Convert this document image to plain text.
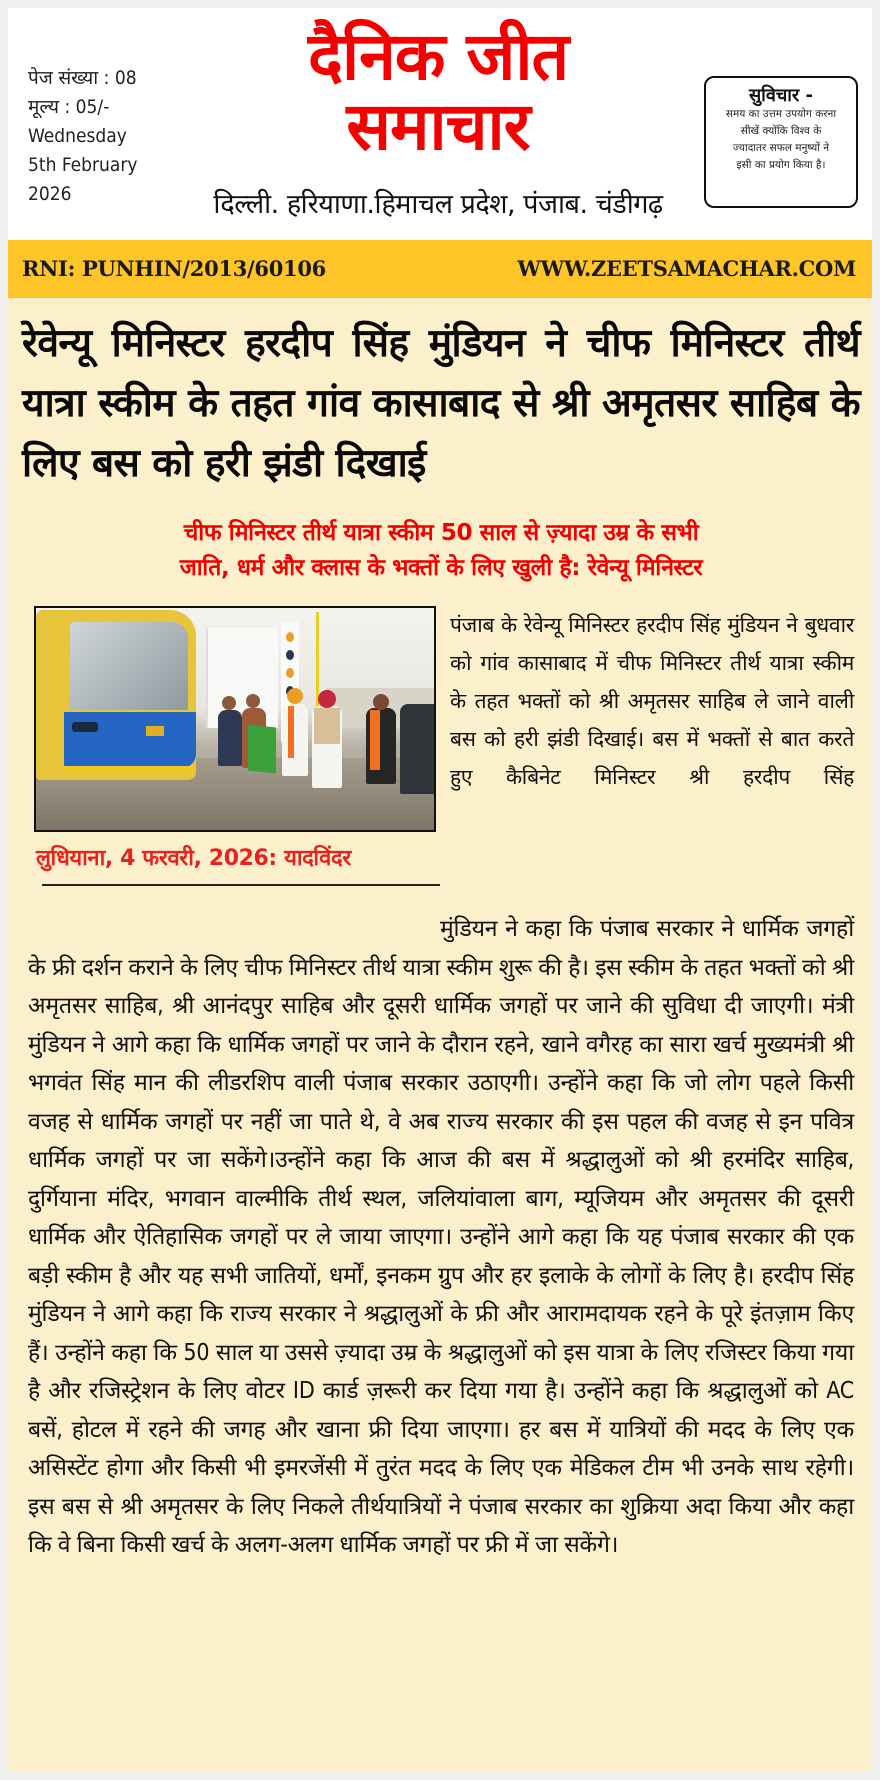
पेज संख्या : 08
मूल्य : 05/-
Wednesday
5th February
2026
दैनिक जीत
समाचार
दिल्ली. हरियाणा.हिमाचल प्रदेश, पंजाब. चंडीगढ़
सुविचार -
समय का उत्तम उपयोग करना
सीखें क्योंकि विश्व के
ज्यादातर सफल मनुष्यों ने
इसी का प्रयोग किया है।
RNI: PUNHIN/2013/60106	WWW.ZEETSAMACHAR.COM
रेवेन्यू मिनिस्टर हरदीप सिंह मुंडियन ने चीफ मिनिस्टर तीर्थ यात्रा स्कीम के तहत गांव कासाबाद से श्री अमृतसर साहिब के लिए बस को हरी झंडी दिखाई
चीफ मिनिस्टर तीर्थ यात्रा स्कीम 50 साल से ज़्यादा उम्र के सभी
जाति, धर्म और क्लास के भक्तों के लिए खुली है: रेवेन्यू मिनिस्टर
लुधियाना, 4 फरवरी, 2026: यादविंदर
पंजाब के रेवेन्यू मिनिस्टर हरदीप सिंह मुंडियन ने बुधवार को गांव कासाबाद में चीफ मिनिस्टर तीर्थ यात्रा स्कीम के तहत भक्तों को श्री अमृतसर साहिब ले जाने वाली बस को हरी झंडी दिखाई। बस में भक्तों से बात करते हुए कैबिनेट मिनिस्टर श्री हरदीप सिंह
मुंडियन ने कहा कि पंजाब सरकार ने धार्मिक जगहों के फ्री दर्शन कराने के लिए चीफ मिनिस्टर तीर्थ यात्रा स्कीम शुरू की है। इस स्कीम के तहत भक्तों को श्री अमृतसर साहिब, श्री आनंदपुर साहिब और दूसरी धार्मिक जगहों पर जाने की सुविधा दी जाएगी। मंत्री मुंडियन ने आगे कहा कि धार्मिक जगहों पर जाने के दौरान रहने, खाने वगैरह का सारा खर्च मुख्यमंत्री श्री भगवंत सिंह मान की लीडरशिप वाली पंजाब सरकार उठाएगी। उन्होंने कहा कि जो लोग पहले किसी वजह से धार्मिक जगहों पर नहीं जा पाते थे, वे अब राज्य सरकार की इस पहल की वजह से इन पवित्र धार्मिक जगहों पर जा सकेंगे।उन्होंने कहा कि आज की बस में श्रद्धालुओं को श्री हरमंदिर साहिब, दुर्गियाना मंदिर, भगवान वाल्मीकि तीर्थ स्थल, जलियांवाला बाग, म्यूजियम और अमृतसर की दूसरी धार्मिक और ऐतिहासिक जगहों पर ले जाया जाएगा। उन्होंने आगे कहा कि यह पंजाब सरकार की एक बड़ी स्कीम है और यह सभी जातियों, धर्मों, इनकम ग्रुप और हर इलाके के लोगों के लिए है। हरदीप सिंह मुंडियन ने आगे कहा कि राज्य सरकार ने श्रद्धालुओं के फ्री और आरामदायक रहने के पूरे इंतज़ाम किए हैं। उन्होंने कहा कि 50 साल या उससे ज़्यादा उम्र के श्रद्धालुओं को इस यात्रा के लिए रजिस्टर किया गया है और रजिस्ट्रेशन के लिए वोटर ID कार्ड ज़रूरी कर दिया गया है। उन्होंने कहा कि श्रद्धालुओं को AC बसें, होटल में रहने की जगह और खाना फ्री दिया जाएगा। हर बस में यात्रियों की मदद के लिए एक असिस्टेंट होगा और किसी भी इमरजेंसी में तुरंत मदद के लिए एक मेडिकल टीम भी उनके साथ रहेगी। इस बस से श्री अमृतसर के लिए निकले तीर्थयात्रियों ने पंजाब सरकार का शुक्रिया अदा किया और कहा कि वे बिना किसी खर्च के अलग-अलग धार्मिक जगहों पर फ्री में जा सकेंगे।
